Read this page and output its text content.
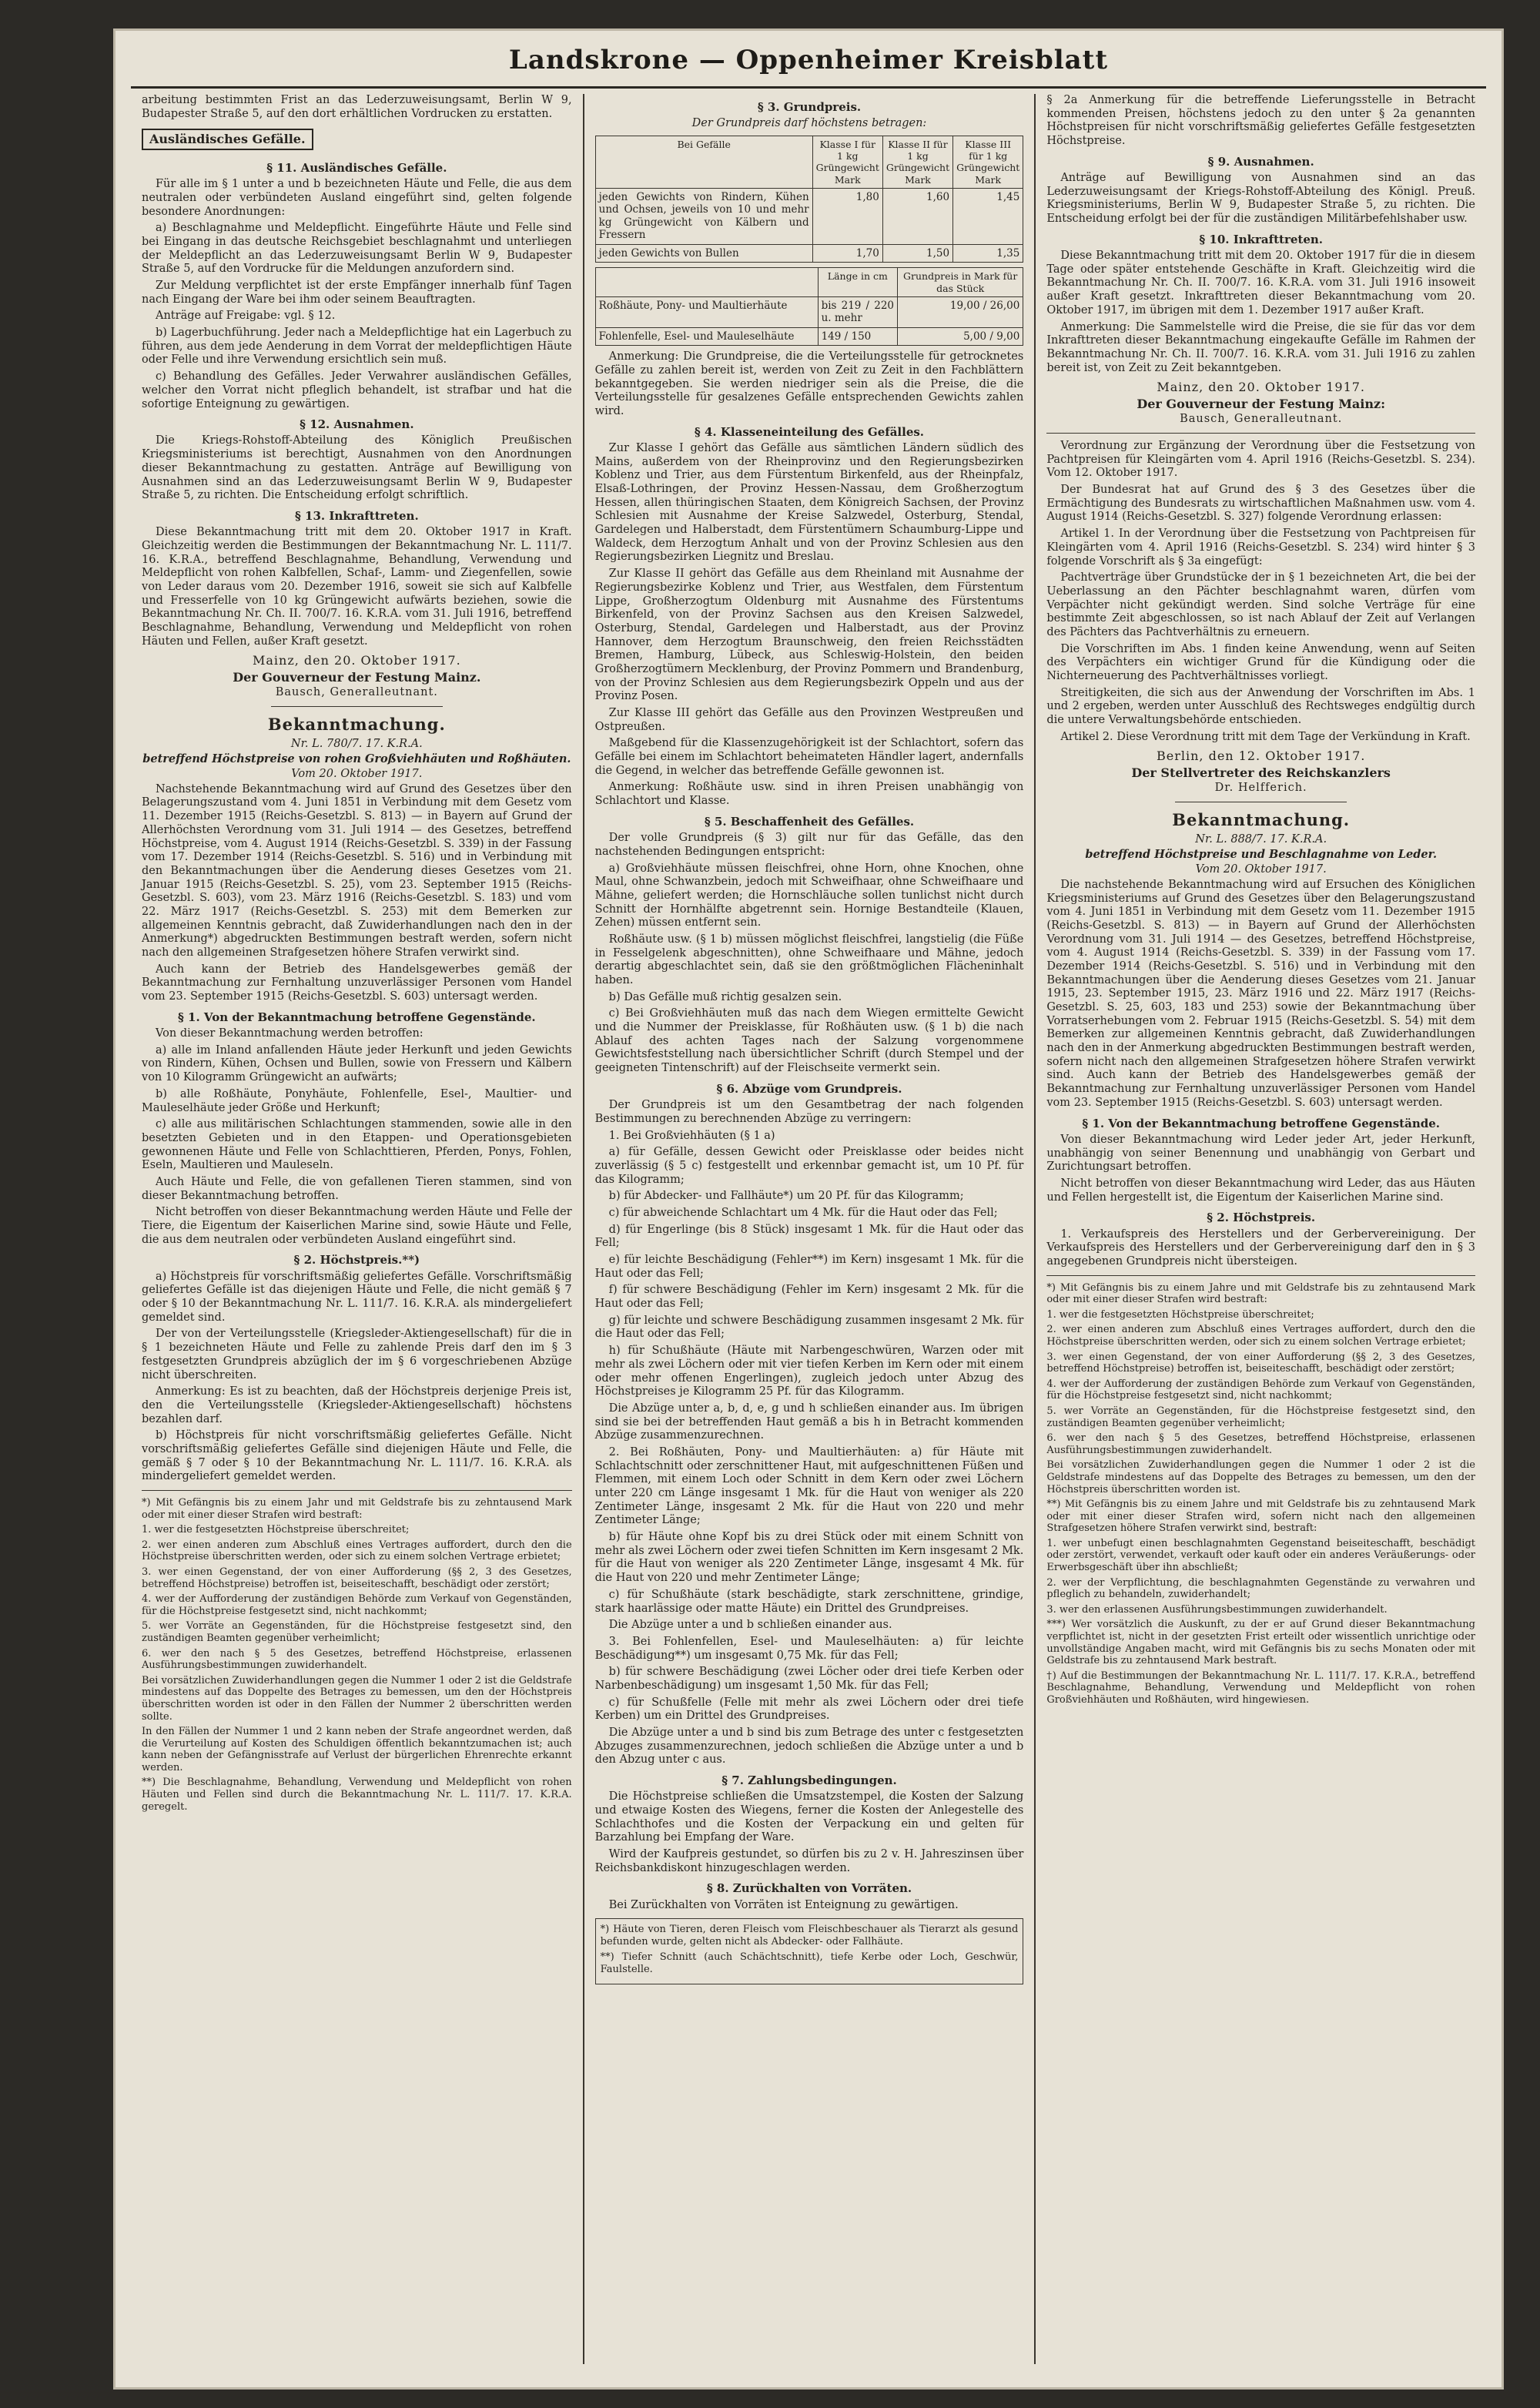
Landskrone — Oppenheimer Kreisblatt

arbeitung bestimmten Frist an das Lederzuweisungsamt, Berlin W 9, Budapester Straße 5, auf den dort erhältlichen Vordrucken zu erstatten.

Ausländisches Gefälle.
§ 11. Ausländisches Gefälle.

Für alle im § 1 unter a und b bezeichneten Häute und Felle, die aus dem neutralen oder verbündeten Ausland eingeführt sind, gelten folgende besondere Anordnungen:

a) Beschlagnahme und Meldepflicht. Eingeführte Häute und Felle sind bei Eingang in das deutsche Reichsgebiet beschlagnahmt und unterliegen der Meldepflicht an das Lederzuweisungsamt Berlin W 9, Budapester Straße 5, auf den Vordrucke für die Meldungen anzufordern sind.

Zur Meldung verpflichtet ist der erste Empfänger innerhalb fünf Tagen nach Eingang der Ware bei ihm oder seinem Beauftragten.

Anträge auf Freigabe: vgl. § 12.

b) Lagerbuchführung. Jeder nach a Meldepflichtige hat ein Lagerbuch zu führen, aus dem jede Aenderung in dem Vorrat der meldepflichtigen Häute oder Felle und ihre Verwendung ersichtlich sein muß.

c) Behandlung des Gefälles. Jeder Verwahrer ausländischen Gefälles, welcher den Vorrat nicht pfleglich behandelt, ist strafbar und hat die sofortige Enteignung zu gewärtigen.

§ 12. Ausnahmen.

Die Kriegs-Rohstoff-Abteilung des Königlich Preußischen Kriegsministeriums ist berechtigt, Ausnahmen von den Anordnungen dieser Bekanntmachung zu gestatten. Anträge auf Bewilligung von Ausnahmen sind an das Lederzuweisungsamt Berlin W 9, Budapester Straße 5, zu richten. Die Entscheidung erfolgt schriftlich.

§ 13. Inkrafttreten.

Diese Bekanntmachung tritt mit dem 20. Oktober 1917 in Kraft. Gleichzeitig werden die Bestimmungen der Bekanntmachung Nr. L. 111/7. 16. K.R.A., betreffend Beschlagnahme, Behandlung, Verwendung und Meldepflicht von rohen Kalbfellen, Schaf-, Lamm- und Ziegenfellen, sowie von Leder daraus vom 20. Dezember 1916, soweit sie sich auf Kalbfelle und Fresserfelle von 10 kg Grüngewicht aufwärts beziehen, sowie die Bekanntmachung Nr. Ch. II. 700/7. 16. K.R.A. vom 31. Juli 1916, betreffend Beschlagnahme, Behandlung, Verwendung und Meldepflicht von rohen Häuten und Fellen, außer Kraft gesetzt.

Mainz, den 20. Oktober 1917.
Der Gouverneur der Festung Mainz.
Bausch, Generalleutnant.
Bekanntmachung.
Nr. L. 780/7. 17. K.R.A.
betreffend Höchstpreise von rohen Großviehhäuten und Roßhäuten.
Vom 20. Oktober 1917.

Nachstehende Bekanntmachung wird auf Grund des Gesetzes über den Belagerungszustand vom 4. Juni 1851 in Verbindung mit dem Gesetz vom 11. Dezember 1915 (Reichs-Gesetzbl. S. 813) — in Bayern auf Grund der Allerhöchsten Verordnung vom 31. Juli 1914 — des Gesetzes, betreffend Höchstpreise, vom 4. August 1914 (Reichs-Gesetzbl. S. 339) in der Fassung vom 17. Dezember 1914 (Reichs-Gesetzbl. S. 516) und in Verbindung mit den Bekanntmachungen über die Aenderung dieses Gesetzes vom 21. Januar 1915 (Reichs-Gesetzbl. S. 25), vom 23. September 1915 (Reichs-Gesetzbl. S. 603), vom 23. März 1916 (Reichs-Gesetzbl. S. 183) und vom 22. März 1917 (Reichs-Gesetzbl. S. 253) mit dem Bemerken zur allgemeinen Kenntnis gebracht, daß Zuwiderhandlungen nach den in der Anmerkung*) abgedruckten Bestimmungen bestraft werden, sofern nicht nach den allgemeinen Strafgesetzen höhere Strafen verwirkt sind.

Auch kann der Betrieb des Handelsgewerbes gemäß der Bekanntmachung zur Fernhaltung unzuverlässiger Personen vom Handel vom 23. September 1915 (Reichs-Gesetzbl. S. 603) untersagt werden.

§ 1. Von der Bekanntmachung betroffene Gegenstände.

Von dieser Bekanntmachung werden betroffen:

a) alle im Inland anfallenden Häute jeder Herkunft und jeden Gewichts von Rindern, Kühen, Ochsen und Bullen, sowie von Fressern und Kälbern von 10 Kilogramm Grüngewicht an aufwärts;

b) alle Roßhäute, Ponyhäute, Fohlenfelle, Esel-, Maultier- und Mauleselhäute jeder Größe und Herkunft;

c) alle aus militärischen Schlachtungen stammenden, sowie alle in den besetzten Gebieten und in den Etappen- und Operationsgebieten gewonnenen Häute und Felle von Schlachttieren, Pferden, Ponys, Fohlen, Eseln, Maultieren und Mauleseln.

Auch Häute und Felle, die von gefallenen Tieren stammen, sind von dieser Bekanntmachung betroffen.

Nicht betroffen von dieser Bekanntmachung werden Häute und Felle der Tiere, die Eigentum der Kaiserlichen Marine sind, sowie Häute und Felle, die aus dem neutralen oder verbündeten Ausland eingeführt sind.

§ 2. Höchstpreis.**)

a) Höchstpreis für vorschriftsmäßig geliefertes Gefälle. Vorschriftsmäßig geliefertes Gefälle ist das diejenigen Häute und Felle, die nicht gemäß § 7 oder § 10 der Bekanntmachung Nr. L. 111/7. 16. K.R.A. als mindergeliefert gemeldet sind.

Der von der Verteilungsstelle (Kriegsleder-Aktiengesellschaft) für die in § 1 bezeichneten Häute und Felle zu zahlende Preis darf den im § 3 festgesetzten Grundpreis abzüglich der im § 6 vorgeschriebenen Abzüge nicht überschreiten.

Anmerkung: Es ist zu beachten, daß der Höchstpreis derjenige Preis ist, den die Verteilungsstelle (Kriegsleder-Aktiengesellschaft) höchstens bezahlen darf.

b) Höchstpreis für nicht vorschriftsmäßig geliefertes Gefälle. Nicht vorschriftsmäßig geliefertes Gefälle sind diejenigen Häute und Felle, die gemäß § 7 oder § 10 der Bekanntmachung Nr. L. 111/7. 16. K.R.A. als mindergeliefert gemeldet werden.

*) Mit Gefängnis bis zu einem Jahr und mit Geldstrafe bis zu zehntausend Mark oder mit einer dieser Strafen wird bestraft:

1. wer die festgesetzten Höchstpreise überschreitet;

2. wer einen anderen zum Abschluß eines Vertrages auffordert, durch den die Höchstpreise überschritten werden, oder sich zu einem solchen Vertrage erbietet;

3. wer einen Gegenstand, der von einer Aufforderung (§§ 2, 3 des Gesetzes, betreffend Höchstpreise) betroffen ist, beiseiteschafft, beschädigt oder zerstört;

4. wer der Aufforderung der zuständigen Behörde zum Verkauf von Gegenständen, für die Höchstpreise festgesetzt sind, nicht nachkommt;

5. wer Vorräte an Gegenständen, für die Höchstpreise festgesetzt sind, den zuständigen Beamten gegenüber verheimlicht;

6. wer den nach § 5 des Gesetzes, betreffend Höchstpreise, erlassenen Ausführungsbestimmungen zuwiderhandelt.

Bei vorsätzlichen Zuwiderhandlungen gegen die Nummer 1 oder 2 ist die Geldstrafe mindestens auf das Doppelte des Betrages zu bemessen, um den der Höchstpreis überschritten worden ist oder in den Fällen der Nummer 2 überschritten werden sollte.

In den Fällen der Nummer 1 und 2 kann neben der Strafe angeordnet werden, daß die Verurteilung auf Kosten des Schuldigen öffentlich bekanntzumachen ist; auch kann neben der Gefängnisstrafe auf Verlust der bürgerlichen Ehrenrechte erkannt werden.

**) Die Beschlagnahme, Behandlung, Verwendung und Meldepflicht von rohen Häuten und Fellen sind durch die Bekanntmachung Nr. L. 111/7. 17. K.R.A. geregelt.

§ 3. Grundpreis.
Der Grundpreis darf höchstens betragen:
Bei Gefälle	Klasse I für 1 kg Grüngewicht Mark	Klasse II für 1 kg Grüngewicht Mark	Klasse III für 1 kg Grüngewicht Mark
jeden Gewichts von Rindern, Kühen und Ochsen, jeweils von 10 und mehr kg Grüngewicht von Kälbern und Fressern	1,80	1,60	1,45
jeden Gewichts von Bullen	1,70	1,50	1,35
	Länge in cm	Grundpreis in Mark für das Stück
Roßhäute, Pony- und Maultierhäute	bis 219 / 220 u. mehr	19,00 / 26,00
Fohlenfelle, Esel- und Mauleselhäute	149 / 150	5,00 / 9,00

Anmerkung: Die Grundpreise, die die Verteilungsstelle für getrocknetes Gefälle zu zahlen bereit ist, werden von Zeit zu Zeit in den Fachblättern bekanntgegeben. Sie werden niedriger sein als die Preise, die die Verteilungsstelle für gesalzenes Gefälle entsprechenden Gewichts zahlen wird.

§ 4. Klasseneinteilung des Gefälles.

Zur Klasse I gehört das Gefälle aus sämtlichen Ländern südlich des Mains, außerdem von der Rheinprovinz und den Regierungsbezirken Koblenz und Trier, aus dem Fürstentum Birkenfeld, aus der Rheinpfalz, Elsaß-Lothringen, der Provinz Hessen-Nassau, dem Großherzogtum Hessen, allen thüringischen Staaten, dem Königreich Sachsen, der Provinz Schlesien mit Ausnahme der Kreise Salzwedel, Osterburg, Stendal, Gardelegen und Halberstadt, dem Fürstentümern Schaumburg-Lippe und Waldeck, dem Herzogtum Anhalt und von der Provinz Schlesien aus den Regierungsbezirken Liegnitz und Breslau.

Zur Klasse II gehört das Gefälle aus dem Rheinland mit Ausnahme der Regierungsbezirke Koblenz und Trier, aus Westfalen, dem Fürstentum Lippe, Großherzogtum Oldenburg mit Ausnahme des Fürstentums Birkenfeld, von der Provinz Sachsen aus den Kreisen Salzwedel, Osterburg, Stendal, Gardelegen und Halberstadt, aus der Provinz Hannover, dem Herzogtum Braunschweig, den freien Reichsstädten Bremen, Hamburg, Lübeck, aus Schleswig-Holstein, den beiden Großherzogtümern Mecklenburg, der Provinz Pommern und Brandenburg, von der Provinz Schlesien aus dem Regierungsbezirk Oppeln und aus der Provinz Posen.

Zur Klasse III gehört das Gefälle aus den Provinzen Westpreußen und Ostpreußen.

Maßgebend für die Klassenzugehörigkeit ist der Schlachtort, sofern das Gefälle bei einem im Schlachtort beheimateten Händler lagert, andernfalls die Gegend, in welcher das betreffende Gefälle gewonnen ist.

Anmerkung: Roßhäute usw. sind in ihren Preisen unabhängig von Schlachtort und Klasse.

§ 5. Beschaffenheit des Gefälles.

Der volle Grundpreis (§ 3) gilt nur für das Gefälle, das den nachstehenden Bedingungen entspricht:

a) Großviehhäute müssen fleischfrei, ohne Horn, ohne Knochen, ohne Maul, ohne Schwanzbein, jedoch mit Schweifhaar, ohne Schweifhaare und Mähne, geliefert werden; die Hornschläuche sollen tunlichst nicht durch Schnitt der Hornhälfte abgetrennt sein. Hornige Bestandteile (Klauen, Zehen) müssen entfernt sein.

Roßhäute usw. (§ 1 b) müssen möglichst fleischfrei, langstielig (die Füße in Fesselgelenk abgeschnitten), ohne Schweifhaare und Mähne, jedoch derartig abgeschlachtet sein, daß sie den größtmöglichen Flächeninhalt haben.

b) Das Gefälle muß richtig gesalzen sein.

c) Bei Großviehhäuten muß das nach dem Wiegen ermittelte Gewicht und die Nummer der Preisklasse, für Roßhäuten usw. (§ 1 b) die nach Ablauf des achten Tages nach der Salzung vorgenommene Gewichtsfeststellung nach übersichtlicher Schrift (durch Stempel und der geeigneten Tintenschrift) auf der Fleischseite vermerkt sein.

§ 6. Abzüge vom Grundpreis.

Der Grundpreis ist um den Gesamtbetrag der nach folgenden Bestimmungen zu berechnenden Abzüge zu verringern:

1. Bei Großviehhäuten (§ 1 a)

a) für Gefälle, dessen Gewicht oder Preisklasse oder beides nicht zuverlässig (§ 5 c) festgestellt und erkennbar gemacht ist, um 10 Pf. für das Kilogramm;

b) für Abdecker- und Fallhäute*) um 20 Pf. für das Kilogramm;

c) für abweichende Schlachtart um 4 Mk. für die Haut oder das Fell;

d) für Engerlinge (bis 8 Stück) insgesamt 1 Mk. für die Haut oder das Fell;

e) für leichte Beschädigung (Fehler**) im Kern) insgesamt 1 Mk. für die Haut oder das Fell;

f) für schwere Beschädigung (Fehler im Kern) insgesamt 2 Mk. für die Haut oder das Fell;

g) für leichte und schwere Beschädigung zusammen insgesamt 2 Mk. für die Haut oder das Fell;

h) für Schußhäute (Häute mit Narbengeschwüren, Warzen oder mit mehr als zwei Löchern oder mit vier tiefen Kerben im Kern oder mit einem oder mehr offenen Engerlingen), zugleich jedoch unter Abzug des Höchstpreises je Kilogramm 25 Pf. für das Kilogramm.

Die Abzüge unter a, b, d, e, g und h schließen einander aus. Im übrigen sind sie bei der betreffenden Haut gemäß a bis h in Betracht kommenden Abzüge zusammenzurechnen.

2. Bei Roßhäuten, Pony- und Maultierhäuten: a) für Häute mit Schlachtschnitt oder zerschnittener Haut, mit aufgeschnittenen Füßen und Flemmen, mit einem Loch oder Schnitt in dem Kern oder zwei Löchern unter 220 cm Länge insgesamt 1 Mk. für die Haut von weniger als 220 Zentimeter Länge, insgesamt 2 Mk. für die Haut von 220 und mehr Zentimeter Länge;

b) für Häute ohne Kopf bis zu drei Stück oder mit einem Schnitt von mehr als zwei Löchern oder zwei tiefen Schnitten im Kern insgesamt 2 Mk. für die Haut von weniger als 220 Zentimeter Länge, insgesamt 4 Mk. für die Haut von 220 und mehr Zentimeter Länge;

c) für Schußhäute (stark beschädigte, stark zerschnittene, grindige, stark haarlässige oder matte Häute) ein Drittel des Grundpreises.

Die Abzüge unter a und b schließen einander aus.

3. Bei Fohlenfellen, Esel- und Mauleselhäuten: a) für leichte Beschädigung**) um insgesamt 0,75 Mk. für das Fell;

b) für schwere Beschädigung (zwei Löcher oder drei tiefe Kerben oder Narbenbeschädigung) um insgesamt 1,50 Mk. für das Fell;

c) für Schußfelle (Felle mit mehr als zwei Löchern oder drei tiefe Kerben) um ein Drittel des Grundpreises.

Die Abzüge unter a und b sind bis zum Betrage des unter c festgesetzten Abzuges zusammenzurechnen, jedoch schließen die Abzüge unter a und b den Abzug unter c aus.

§ 7. Zahlungsbedingungen.

Die Höchstpreise schließen die Umsatzstempel, die Kosten der Salzung und etwaige Kosten des Wiegens, ferner die Kosten der Anlegestelle des Schlachthofes und die Kosten der Verpackung ein und gelten für Barzahlung bei Empfang der Ware.

Wird der Kaufpreis gestundet, so dürfen bis zu 2 v. H. Jahreszinsen über Reichsbankdiskont hinzugeschlagen werden.

§ 8. Zurückhalten von Vorräten.

Bei Zurückhalten von Vorräten ist Enteignung zu gewärtigen.

*) Häute von Tieren, deren Fleisch vom Fleischbeschauer als Tierarzt als gesund befunden wurde, gelten nicht als Abdecker- oder Fallhäute.

**) Tiefer Schnitt (auch Schächtschnitt), tiefe Kerbe oder Loch, Geschwür, Faulstelle.

§ 2a Anmerkung für die betreffende Lieferungsstelle in Betracht kommenden Preisen, höchstens jedoch zu den unter § 2a genannten Höchstpreisen für nicht vorschriftsmäßig geliefertes Gefälle festgesetzten Höchstpreise.

§ 9. Ausnahmen.

Anträge auf Bewilligung von Ausnahmen sind an das Lederzuweisungsamt der Kriegs-Rohstoff-Abteilung des Königl. Preuß. Kriegsministeriums, Berlin W 9, Budapester Straße 5, zu richten. Die Entscheidung erfolgt bei der für die zuständigen Militärbefehlshaber usw.

§ 10. Inkrafttreten.

Diese Bekanntmachung tritt mit dem 20. Oktober 1917 für die in diesem Tage oder später entstehende Geschäfte in Kraft. Gleichzeitig wird die Bekanntmachung Nr. Ch. II. 700/7. 16. K.R.A. vom 31. Juli 1916 insoweit außer Kraft gesetzt. Inkrafttreten dieser Bekanntmachung vom 20. Oktober 1917, im übrigen mit dem 1. Dezember 1917 außer Kraft.

Anmerkung: Die Sammelstelle wird die Preise, die sie für das vor dem Inkrafttreten dieser Bekanntmachung eingekaufte Gefälle im Rahmen der Bekanntmachung Nr. Ch. II. 700/7. 16. K.R.A. vom 31. Juli 1916 zu zahlen bereit ist, von Zeit zu Zeit bekanntgeben.

Mainz, den 20. Oktober 1917.
Der Gouverneur der Festung Mainz:
Bausch, Generalleutnant.

Verordnung zur Ergänzung der Verordnung über die Festsetzung von Pachtpreisen für Kleingärten vom 4. April 1916 (Reichs-Gesetzbl. S. 234). Vom 12. Oktober 1917.

Der Bundesrat hat auf Grund des § 3 des Gesetzes über die Ermächtigung des Bundesrats zu wirtschaftlichen Maßnahmen usw. vom 4. August 1914 (Reichs-Gesetzbl. S. 327) folgende Verordnung erlassen:

Artikel 1. In der Verordnung über die Festsetzung von Pachtpreisen für Kleingärten vom 4. April 1916 (Reichs-Gesetzbl. S. 234) wird hinter § 3 folgende Vorschrift als § 3a eingefügt:

Pachtverträge über Grundstücke der in § 1 bezeichneten Art, die bei der Ueberlassung an den Pächter beschlagnahmt waren, dürfen vom Verpächter nicht gekündigt werden. Sind solche Verträge für eine bestimmte Zeit abgeschlossen, so ist nach Ablauf der Zeit auf Verlangen des Pächters das Pachtverhältnis zu erneuern.

Die Vorschriften im Abs. 1 finden keine Anwendung, wenn auf Seiten des Verpächters ein wichtiger Grund für die Kündigung oder die Nichterneuerung des Pachtverhältnisses vorliegt.

Streitigkeiten, die sich aus der Anwendung der Vorschriften im Abs. 1 und 2 ergeben, werden unter Ausschluß des Rechtsweges endgültig durch die untere Verwaltungsbehörde entschieden.

Artikel 2. Diese Verordnung tritt mit dem Tage der Verkündung in Kraft.

Berlin, den 12. Oktober 1917.
Der Stellvertreter des Reichskanzlers
Dr. Helfferich.
Bekanntmachung.
Nr. L. 888/7. 17. K.R.A.
betreffend Höchstpreise und Beschlagnahme von Leder.
Vom 20. Oktober 1917.

Die nachstehende Bekanntmachung wird auf Ersuchen des Königlichen Kriegsministeriums auf Grund des Gesetzes über den Belagerungszustand vom 4. Juni 1851 in Verbindung mit dem Gesetz vom 11. Dezember 1915 (Reichs-Gesetzbl. S. 813) — in Bayern auf Grund der Allerhöchsten Verordnung vom 31. Juli 1914 — des Gesetzes, betreffend Höchstpreise, vom 4. August 1914 (Reichs-Gesetzbl. S. 339) in der Fassung vom 17. Dezember 1914 (Reichs-Gesetzbl. S. 516) und in Verbindung mit den Bekanntmachungen über die Aenderung dieses Gesetzes vom 21. Januar 1915, 23. September 1915, 23. März 1916 und 22. März 1917 (Reichs-Gesetzbl. S. 25, 603, 183 und 253) sowie der Bekanntmachung über Vorratserhebungen vom 2. Februar 1915 (Reichs-Gesetzbl. S. 54) mit dem Bemerken zur allgemeinen Kenntnis gebracht, daß Zuwiderhandlungen nach den in der Anmerkung abgedruckten Bestimmungen bestraft werden, sofern nicht nach den allgemeinen Strafgesetzen höhere Strafen verwirkt sind. Auch kann der Betrieb des Handelsgewerbes gemäß der Bekanntmachung zur Fernhaltung unzuverlässiger Personen vom Handel vom 23. September 1915 (Reichs-Gesetzbl. S. 603) untersagt werden.

§ 1. Von der Bekanntmachung betroffene Gegenstände.

Von dieser Bekanntmachung wird Leder jeder Art, jeder Herkunft, unabhängig von seiner Benennung und unabhängig von Gerbart und Zurichtungsart betroffen.

Nicht betroffen von dieser Bekanntmachung wird Leder, das aus Häuten und Fellen hergestellt ist, die Eigentum der Kaiserlichen Marine sind.

§ 2. Höchstpreis.

1. Verkaufspreis des Herstellers und der Gerbervereinigung. Der Verkaufspreis des Herstellers und der Gerbervereinigung darf den in § 3 angegebenen Grundpreis nicht übersteigen.

*) Mit Gefängnis bis zu einem Jahre und mit Geldstrafe bis zu zehntausend Mark oder mit einer dieser Strafen wird bestraft:

1. wer die festgesetzten Höchstpreise überschreitet;

2. wer einen anderen zum Abschluß eines Vertrages auffordert, durch den die Höchstpreise überschritten werden, oder sich zu einem solchen Vertrage erbietet;

3. wer einen Gegenstand, der von einer Aufforderung (§§ 2, 3 des Gesetzes, betreffend Höchstpreise) betroffen ist, beiseiteschafft, beschädigt oder zerstört;

4. wer der Aufforderung der zuständigen Behörde zum Verkauf von Gegenständen, für die Höchstpreise festgesetzt sind, nicht nachkommt;

5. wer Vorräte an Gegenständen, für die Höchstpreise festgesetzt sind, den zuständigen Beamten gegenüber verheimlicht;

6. wer den nach § 5 des Gesetzes, betreffend Höchstpreise, erlassenen Ausführungsbestimmungen zuwiderhandelt.

Bei vorsätzlichen Zuwiderhandlungen gegen die Nummer 1 oder 2 ist die Geldstrafe mindestens auf das Doppelte des Betrages zu bemessen, um den der Höchstpreis überschritten worden ist.

**) Mit Gefängnis bis zu einem Jahre und mit Geldstrafe bis zu zehntausend Mark oder mit einer dieser Strafen wird, sofern nicht nach den allgemeinen Strafgesetzen höhere Strafen verwirkt sind, bestraft:

1. wer unbefugt einen beschlagnahmten Gegenstand beiseiteschafft, beschädigt oder zerstört, verwendet, verkauft oder kauft oder ein anderes Veräußerungs- oder Erwerbsgeschäft über ihn abschließt;

2. wer der Verpflichtung, die beschlagnahmten Gegenstände zu verwahren und pfleglich zu behandeln, zuwiderhandelt;

3. wer den erlassenen Ausführungsbestimmungen zuwiderhandelt.

***) Wer vorsätzlich die Auskunft, zu der er auf Grund dieser Bekanntmachung verpflichtet ist, nicht in der gesetzten Frist erteilt oder wissentlich unrichtige oder unvollständige Angaben macht, wird mit Gefängnis bis zu sechs Monaten oder mit Geldstrafe bis zu zehntausend Mark bestraft.

†) Auf die Bestimmungen der Bekanntmachung Nr. L. 111/7. 17. K.R.A., betreffend Beschlagnahme, Behandlung, Verwendung und Meldepflicht von rohen Großviehhäuten und Roßhäuten, wird hingewiesen.
